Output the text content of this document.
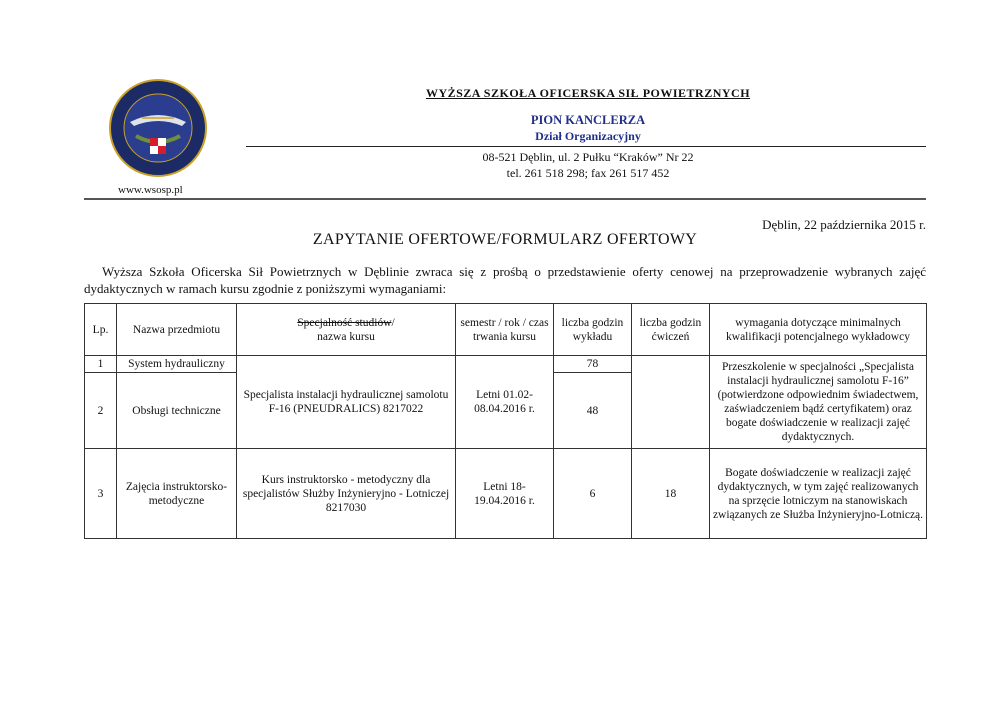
www.wsosp.pl
WYŻSZA SZKOŁA OFICERSKA SIŁ POWIETRZNYCH
PION KANCLERZA
Dział Organizacyjny
08-521 Dęblin, ul. 2 Pułku “Kraków” Nr 22
tel. 261 518 298; fax 261 517 452
Dęblin, 22 października 2015 r.
ZAPYTANIE OFERTOWE/FORMULARZ OFERTOWY
Wyższa Szkoła Oficerska Sił Powietrznych w Dęblinie zwraca się z prośbą o przedstawienie oferty cenowej na przeprowadzenie wybranych zajęć dydaktycznych w ramach kursu zgodnie z poniższymi wymaganiami:
Lp.	Nazwa przedmiotu	Specjalność studiów/
nazwa kursu	semestr / rok / czas trwania kursu	liczba godzin wykładu	liczba godzin ćwiczeń	wymagania dotyczące minimalnych kwalifikacji potencjalnego wykładowcy
1	System hydrauliczny	Specjalista instalacji hydraulicznej samolotu F-16 (PNEUDRALICS) 8217022	Letni 01.02-08.04.2016 r.	78		Przeszkolenie w specjalności „Specjalista instalacji hydraulicznej samolotu F-16” (potwierdzone odpowiednim świadectwem, zaświadczeniem bądź certyfikatem) oraz bogate doświadczenie w realizacji zajęć dydaktycznych.
2	Obsługi techniczne			48		
3	Zajęcia instruktorsko-metodyczne	Kurs instruktorsko - metodyczny dla specjalistów Służby Inżynieryjno - Lotniczej             8217030	Letni 18-19.04.2016 r.	6	18	Bogate doświadczenie w realizacji zajęć dydaktycznych, w tym zajęć realizowanych na sprzęcie lotniczym na stanowiskach związanych ze Służba Inżynieryjno-Lotniczą.
